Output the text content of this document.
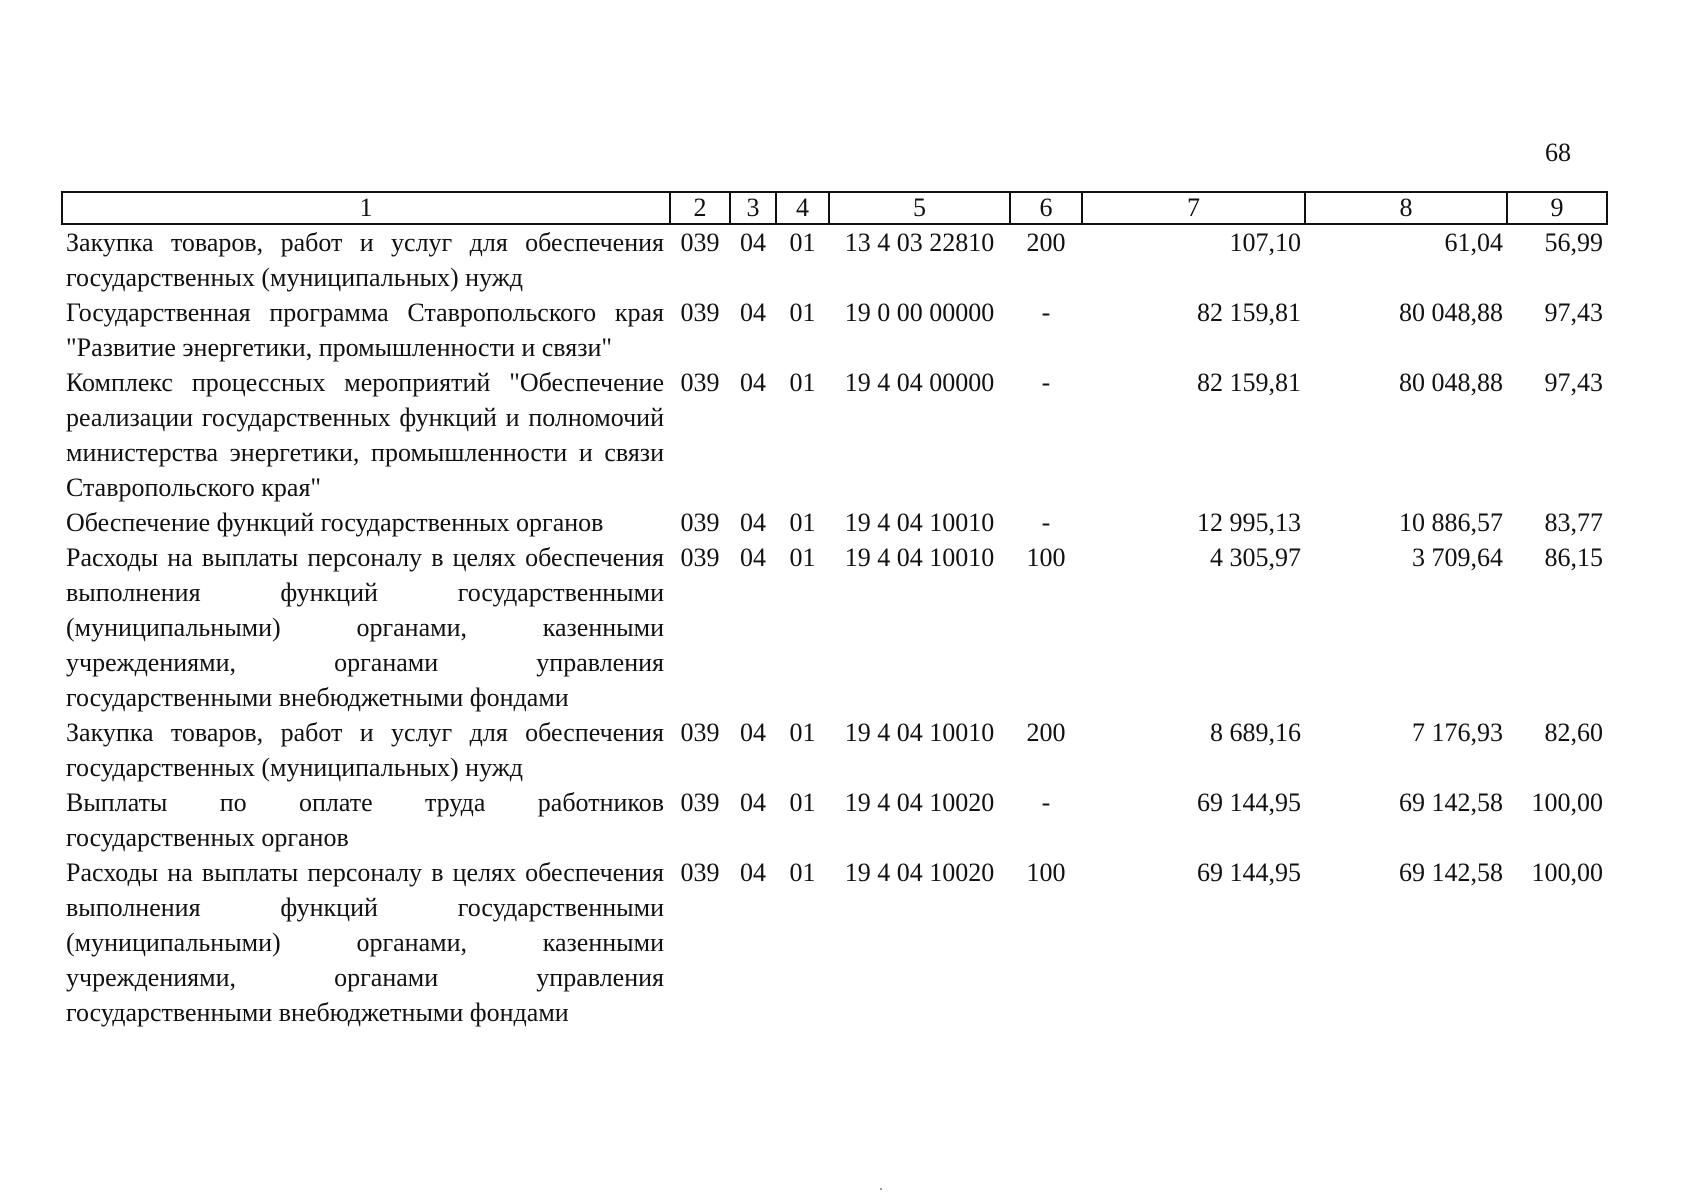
68
1	2	3	4	5	6	7	8	9
Закупка товаров, работ и услуг для обеспечения государственных (муниципальных) нужд	039	04	01	13 4 03 22810	200	107,10	61,04	56,99
Государственная программа Ставропольского края "Развитие энергетики, промышленности и связи"	039	04	01	19 0 00 00000	-	82 159,81	80 048,88	97,43
Комплекс процессных мероприятий "Обеспечение реализации государственных функций и полномочий министерства энергетики, промышленности и связи Ставропольского края"	039	04	01	19 4 04 00000	-	82 159,81	80 048,88	97,43
Обеспечение функций государственных органов	039	04	01	19 4 04 10010	-	12 995,13	10 886,57	83,77
Расходы на выплаты персоналу в целях обеспечения выполнения функций государственными (муниципальными) органами, казенными учреждениями, органами управления государственными внебюджетными фондами	039	04	01	19 4 04 10010	100	4 305,97	3 709,64	86,15
Закупка товаров, работ и услуг для обеспечения государственных (муниципальных) нужд	039	04	01	19 4 04 10010	200	8 689,16	7 176,93	82,60
Выплаты по оплате труда работников государственных органов	039	04	01	19 4 04 10020	-	69 144,95	69 142,58	100,00
Расходы на выплаты персоналу в целях обеспечения выполнения функций государственными (муниципальными) органами, казенными учреждениями, органами управления государственными внебюджетными фондами	039	04	01	19 4 04 10020	100	69 144,95	69 142,58	100,00
